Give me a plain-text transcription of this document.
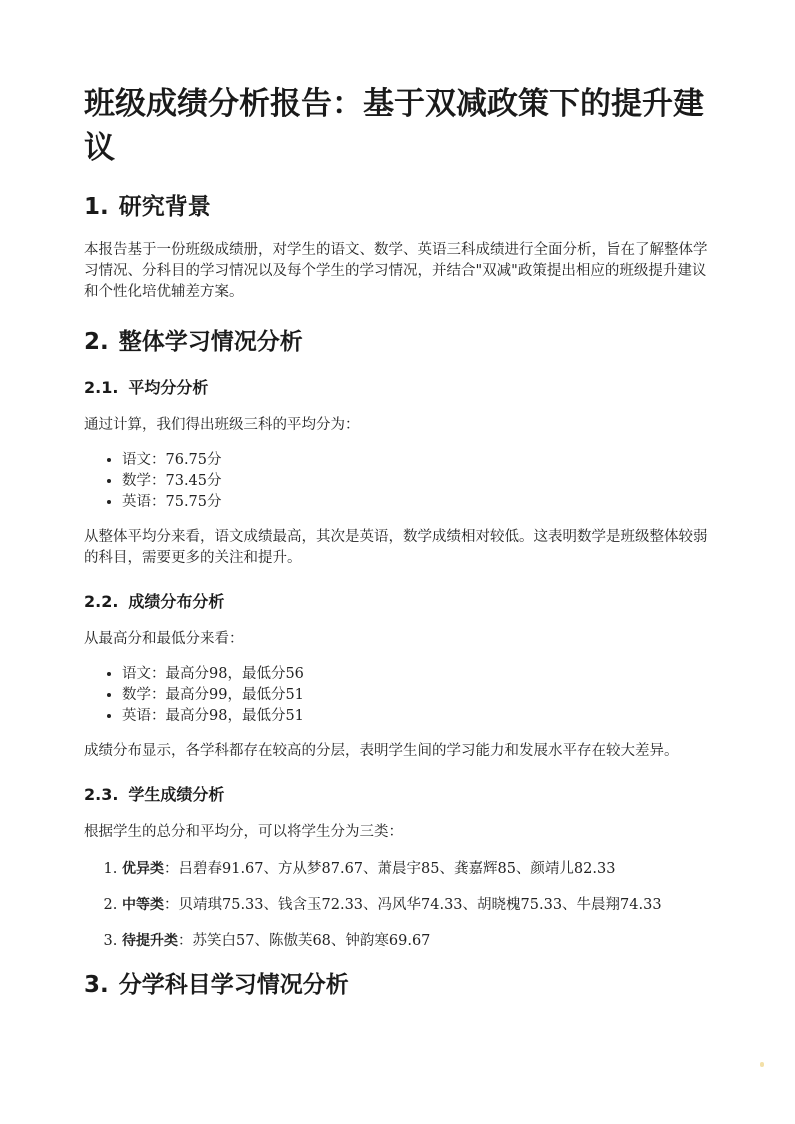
班级成绩分析报告：基于双减政策下的提升建议
1. 研究背景

本报告基于一份班级成绩册，对学生的语文、数学、英语三科成绩进行全面分析，旨在了解整体学习情况、分科目的学习情况以及每个学生的学习情况，并结合"双减"政策提出相应的班级提升建议和个性化培优辅差方案。

2. 整体学习情况分析
2.1. 平均分分析

通过计算，我们得出班级三科的平均分为：

• 语文：76.75分
• 数学：73.45分
• 英语：75.75分

从整体平均分来看，语文成绩最高，其次是英语，数学成绩相对较低。这表明数学是班级整体较弱的科目，需要更多的关注和提升。

2.2. 成绩分布分析

从最高分和最低分来看：

• 语文：最高分98，最低分56
• 数学：最高分99，最低分51
• 英语：最高分98，最低分51

成绩分布显示，各学科都存在较高的分层，表明学生间的学习能力和发展水平存在较大差异。

2.3. 学生成绩分析

根据学生的总分和平均分，可以将学生分为三类：

1. 优异类：吕碧春91.67、方从梦87.67、萧晨宇85、龚嘉辉85、颜靖儿82.33
2. 中等类：贝靖琪75.33、钱含玉72.33、冯风华74.33、胡晓槐75.33、牛晨翔74.33
3. 待提升类：苏笑白57、陈傲芙68、钟韵寒69.67
3. 分学科目学习情况分析
